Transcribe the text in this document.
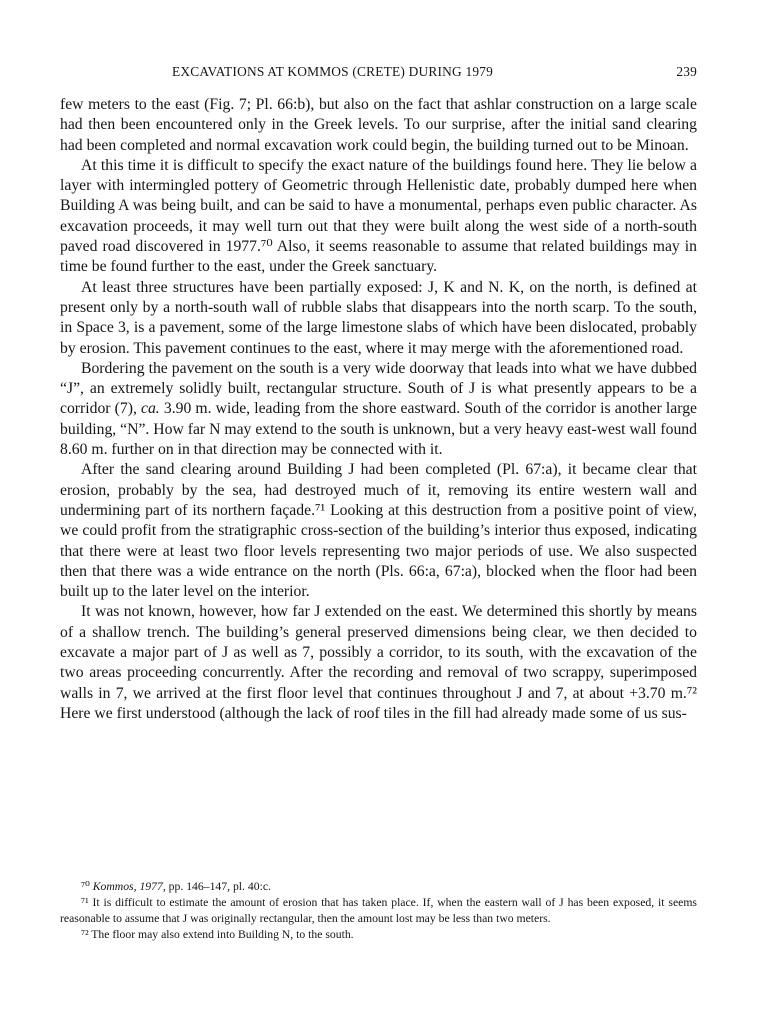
EXCAVATIONS AT KOMMOS (CRETE) DURING 1979	239

few meters to the east (Fig. 7; Pl. 66:b), but also on the fact that ashlar construction on a large scale had then been encountered only in the Greek levels. To our surprise, after the initial sand clearing had been completed and normal excavation work could begin, the building turned out to be Minoan.

At this time it is difficult to specify the exact nature of the buildings found here. They lie below a layer with intermingled pottery of Geometric through Hellenistic date, probably dumped here when Building A was being built, and can be said to have a monumental, perhaps even public character. As excavation proceeds, it may well turn out that they were built along the west side of a north-south paved road discovered in 1977.⁷⁰ Also, it seems reasonable to assume that related buildings may in time be found further to the east, under the Greek sanctuary.

At least three structures have been partially exposed: J, K and N. K, on the north, is defined at present only by a north-south wall of rubble slabs that disappears into the north scarp. To the south, in Space 3, is a pavement, some of the large limestone slabs of which have been dislocated, probably by erosion. This pavement continues to the east, where it may merge with the aforementioned road.

Bordering the pavement on the south is a very wide doorway that leads into what we have dubbed “J”, an extremely solidly built, rectangular structure. South of J is what presently appears to be a corridor (7), ca. 3.90 m. wide, leading from the shore eastward. South of the corridor is another large building, “N”. How far N may extend to the south is unknown, but a very heavy east-west wall found 8.60 m. further on in that direction may be connected with it.

After the sand clearing around Building J had been completed (Pl. 67:a), it became clear that erosion, probably by the sea, had destroyed much of it, removing its entire western wall and undermining part of its northern façade.⁷¹ Looking at this destruction from a positive point of view, we could profit from the stratigraphic cross-section of the building’s interior thus exposed, indicating that there were at least two floor levels representing two major periods of use. We also suspected then that there was a wide entrance on the north (Pls. 66:a, 67:a), blocked when the floor had been built up to the later level on the interior.

It was not known, however, how far J extended on the east. We determined this shortly by means of a shallow trench. The building’s general preserved dimensions being clear, we then decided to excavate a major part of J as well as 7, possibly a corridor, to its south, with the excavation of the two areas proceeding concurrently. After the recording and removal of two scrappy, superimposed walls in 7, we arrived at the first floor level that continues throughout J and 7, at about +3.70 m.⁷² Here we first understood (although the lack of roof tiles in the fill had already made some of us sus-

⁷⁰ Kommos, 1977, pp. 146–147, pl. 40:c.

⁷¹ It is difficult to estimate the amount of erosion that has taken place. If, when the eastern wall of J has been exposed, it seems reasonable to assume that J was originally rectangular, then the amount lost may be less than two meters.

⁷² The floor may also extend into Building N, to the south.
